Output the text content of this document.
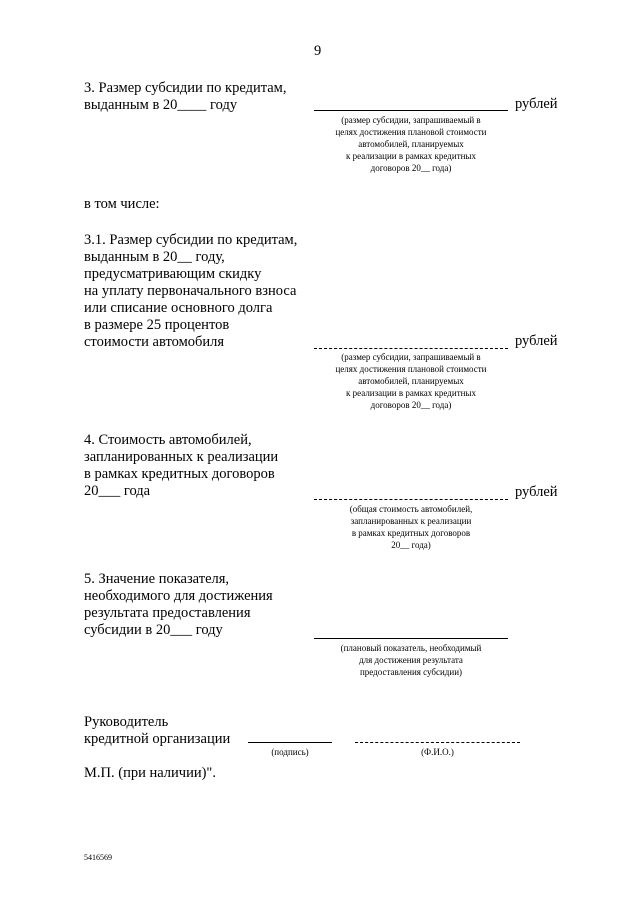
9
3. Размер субсидии по кредитам,
выданным в 20____ году	рублей
(размер субсидии, запрашиваемый в
целях достижения плановой стоимости
автомобилей, планируемых
к реализации в рамках кредитных
договоров 20__ года)
в том числе:
3.1. Размер субсидии по кредитам,
выданным в 20__ году,
предусматривающим скидку
на уплату первоначального взноса
или списание основного долга
в размере 25 процентов
стоимости автомобиля	рублей
(размер субсидии, запрашиваемый в
целях достижения плановой стоимости
автомобилей, планируемых
к реализации в рамках кредитных
договоров 20__ года)
4. Стоимость автомобилей,
запланированных к реализации
в рамках кредитных договоров
20___ года	рублей
(общая стоимость автомобилей,
запланированных к реализации
в рамках кредитных договоров
20__ года)
5. Значение показателя,
необходимого для достижения
результата предоставления
субсидии в 20___ году
(плановый показатель, необходимый
для достижения результата
предоставления субсидии)
Руководитель
кредитной организации
(подпись)	(Ф.И.О.)
М.П. (при наличии)".
5416569
